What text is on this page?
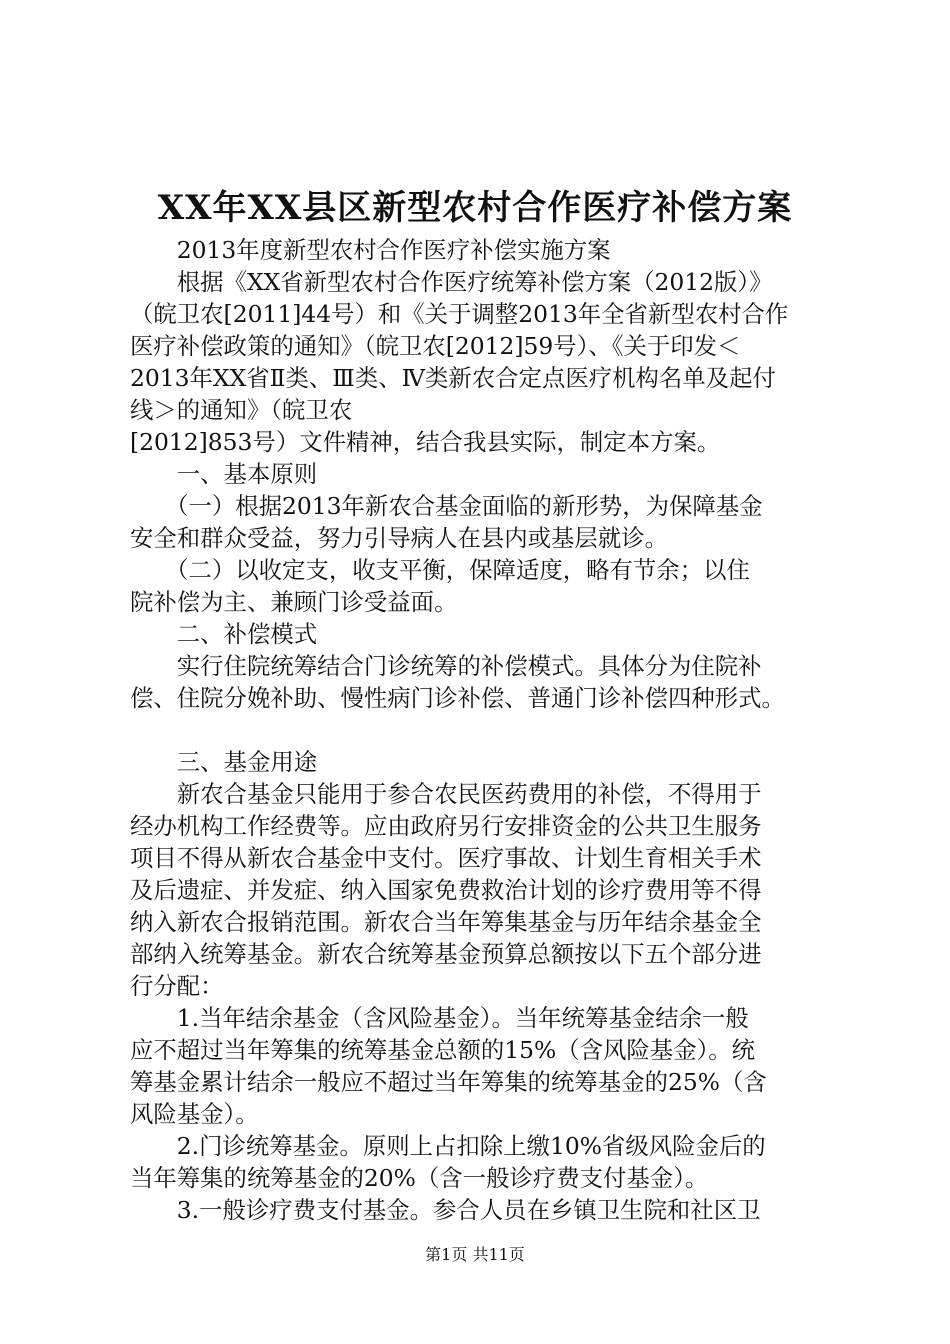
XX年XX县区新型农村合作医疗补偿方案
　　2013年度新型农村合作医疗补偿实施方案
　　根据《XX省新型农村合作医疗统筹补偿方案（2012版）》
（皖卫农[2011]44号）和《关于调整2013年全省新型农村合作
医疗补偿政策的通知》（皖卫农[2012]59号）、《关于印发＜
2013年XX省Ⅱ类、Ⅲ类、Ⅳ类新农合定点医疗机构名单及起付
线＞的通知》（皖卫农
[2012]853号）文件精神，结合我县实际，制定本方案。
　　一、基本原则
　　（一）根据2013年新农合基金面临的新形势，为保障基金
安全和群众受益，努力引导病人在县内或基层就诊。
　　（二）以收定支，收支平衡，保障适度，略有节余；以住
院补偿为主、兼顾门诊受益面。
　　二、补偿模式
　　实行住院统筹结合门诊统筹的补偿模式。具体分为住院补
偿、住院分娩补助、慢性病门诊补偿、普通门诊补偿四种形式。
　　三、基金用途
　　新农合基金只能用于参合农民医药费用的补偿，不得用于
经办机构工作经费等。应由政府另行安排资金的公共卫生服务
项目不得从新农合基金中支付。医疗事故、计划生育相关手术
及后遗症、并发症、纳入国家免费救治计划的诊疗费用等不得
纳入新农合报销范围。新农合当年筹集基金与历年结余基金全
部纳入统筹基金。新农合统筹基金预算总额按以下五个部分进
行分配：
　　1.当年结余基金（含风险基金）。当年统筹基金结余一般
应不超过当年筹集的统筹基金总额的15%（含风险基金）。统
筹基金累计结余一般应不超过当年筹集的统筹基金的25%（含
风险基金）。
　　2.门诊统筹基金。原则上占扣除上缴10%省级风险金后的
当年筹集的统筹基金的20%（含一般诊疗费支付基金）。
　　3.一般诊疗费支付基金。参合人员在乡镇卫生院和社区卫
第1页 共11页
